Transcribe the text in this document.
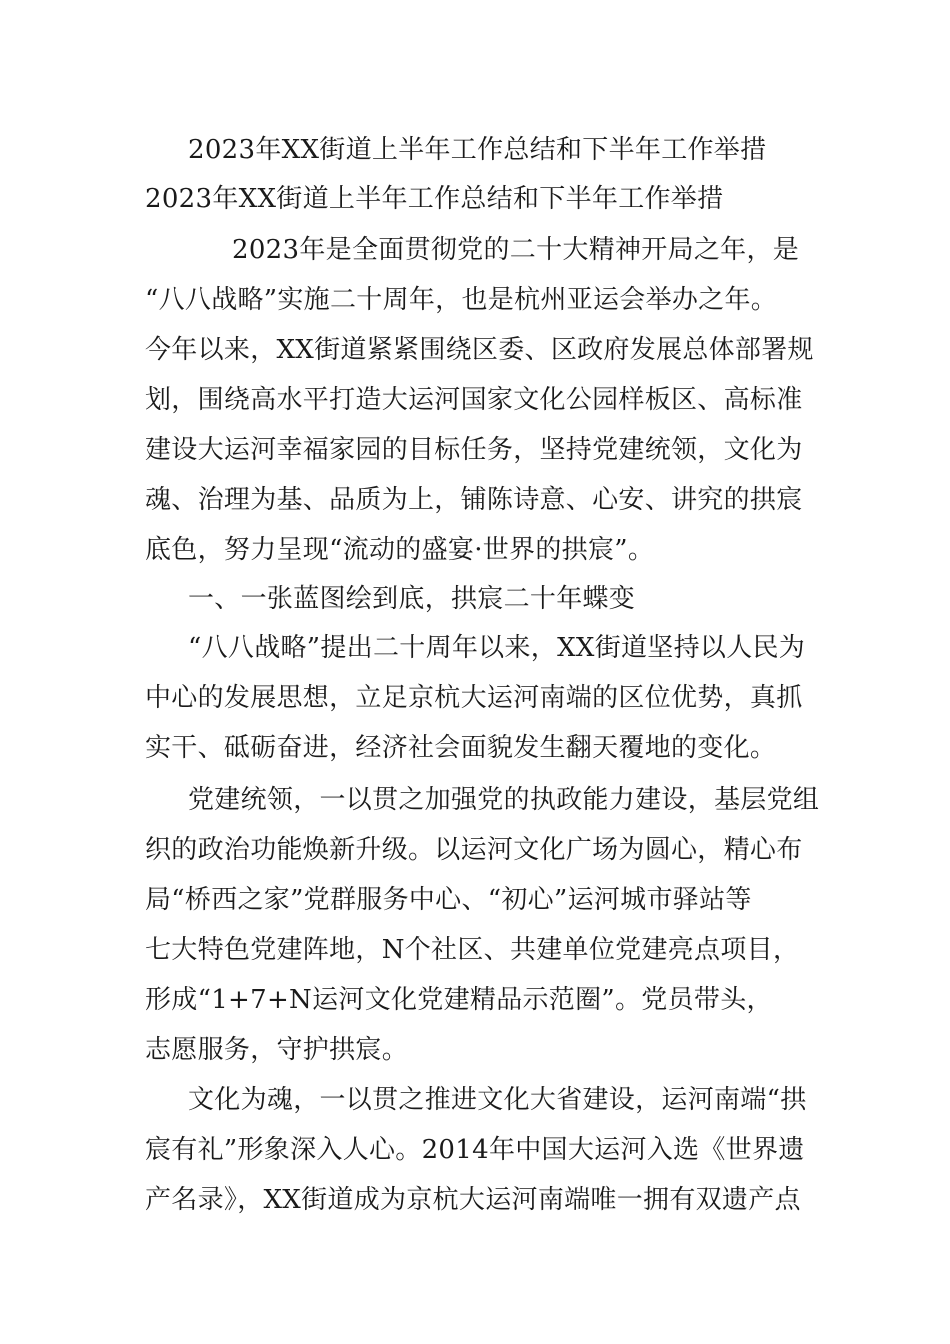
2023年XX街道上半年工作总结和下半年工作举措
2023年XX街道上半年工作总结和下半年工作举措
2023年是全面贯彻党的二十大精神开局之年，是
“八八战略”实施二十周年，也是杭州亚运会举办之年。
今年以来，XX街道紧紧围绕区委、区政府发展总体部署规
划，围绕高水平打造大运河国家文化公园样板区、高标准
建设大运河幸福家园的目标任务，坚持党建统领，文化为
魂、治理为基、品质为上，铺陈诗意、心安、讲究的拱宸
底色，努力呈现“流动的盛宴·世界的拱宸”。
一、一张蓝图绘到底，拱宸二十年蝶变
“八八战略”提出二十周年以来，XX街道坚持以人民为
中心的发展思想，立足京杭大运河南端的区位优势，真抓
实干、砥砺奋进，经济社会面貌发生翻天覆地的变化。
党建统领，一以贯之加强党的执政能力建设，基层党组
织的政治功能焕新升级。以运河文化广场为圆心，精心布
局“桥西之家”党群服务中心、“初心”运河城市驿站等
七大特色党建阵地，N个社区、共建单位党建亮点项目，
形成“1+7+N运河文化党建精品示范圈”。党员带头，
志愿服务，守护拱宸。
文化为魂，一以贯之推进文化大省建设，运河南端“拱
宸有礼”形象深入人心。2014年中国大运河入选《世界遗
产名录》，XX街道成为京杭大运河南端唯一拥有双遗产点
